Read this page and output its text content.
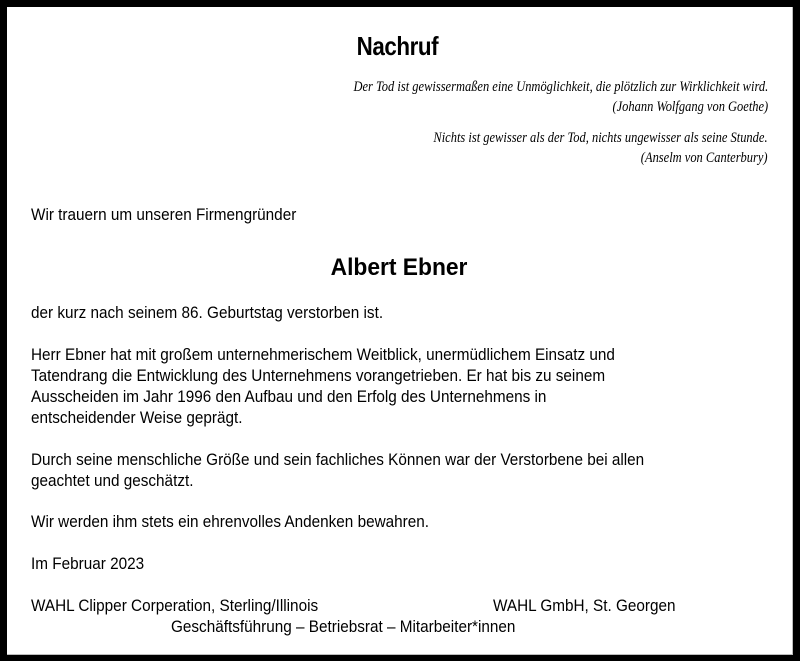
Nachruf
Der Tod ist gewissermaßen eine Unmöglichkeit, die plötzlich zur Wirklichkeit wird.
(Johann Wolfgang von Goethe)
Nichts ist gewisser als der Tod, nichts ungewisser als seine Stunde.
(Anselm von Canterbury)
Wir trauern um unseren Firmengründer
Albert Ebner
der kurz nach seinem 86. Geburtstag verstorben ist.
Herr Ebner hat mit großem unternehmerischem Weitblick, unermüdlichem Einsatz und
Tatendrang die Entwicklung des Unternehmens vorangetrieben. Er hat bis zu seinem
Ausscheiden im Jahr 1996 den Aufbau und den Erfolg des Unternehmens in
entscheidender Weise geprägt.
Durch seine menschliche Größe und sein fachliches Können war der Verstorbene bei allen
geachtet und geschätzt.
Wir werden ihm stets ein ehrenvolles Andenken bewahren.
Im Februar 2023
WAHL Clipper Corperation, Sterling/Illinois	WAHL GmbH, St. Georgen
Geschäftsführung – Betriebsrat – Mitarbeiter*innen
